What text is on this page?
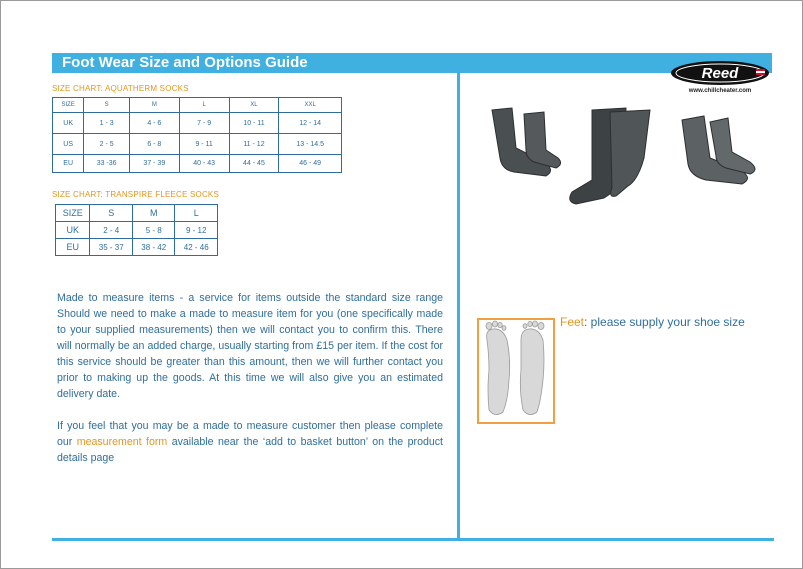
Foot Wear Size and Options Guide
Reed
www.chillcheater.com
SIZE CHART: AQUATHERM SOCKS
SIZE	S	M	L	XL	XXL
UK	1 - 3	4 - 6	7 - 9	10 - 11	12 - 14
US	2 - 5	6 - 8	9 - 11	11 - 12	13 - 14.5
EU	33 -36	37 - 39	40 - 43	44 - 45	46 - 49
SIZE CHART: TRANSPIRE FLEECE SOCKS
SIZE	S	M	L
UK	2 - 4	5 - 8	9 - 12
EU	35 - 37	38 - 42	42 - 46

Made to measure items - a service for items outside the standard size range Should we need to make a made to measure item for you (one specifically made to your supplied measurements) then we will contact you to confirm this. There will normally be an added charge, usually starting from £15 per item. If the cost for this service should be greater than this amount, then we will further contact you prior to making up the goods. At this time we will also give you an estimated delivery date.

If you feel that you may be a made to measure customer then please complete our measurement form available near the ‘add to basket button’ on the product details page

Feet: please supply your shoe size
